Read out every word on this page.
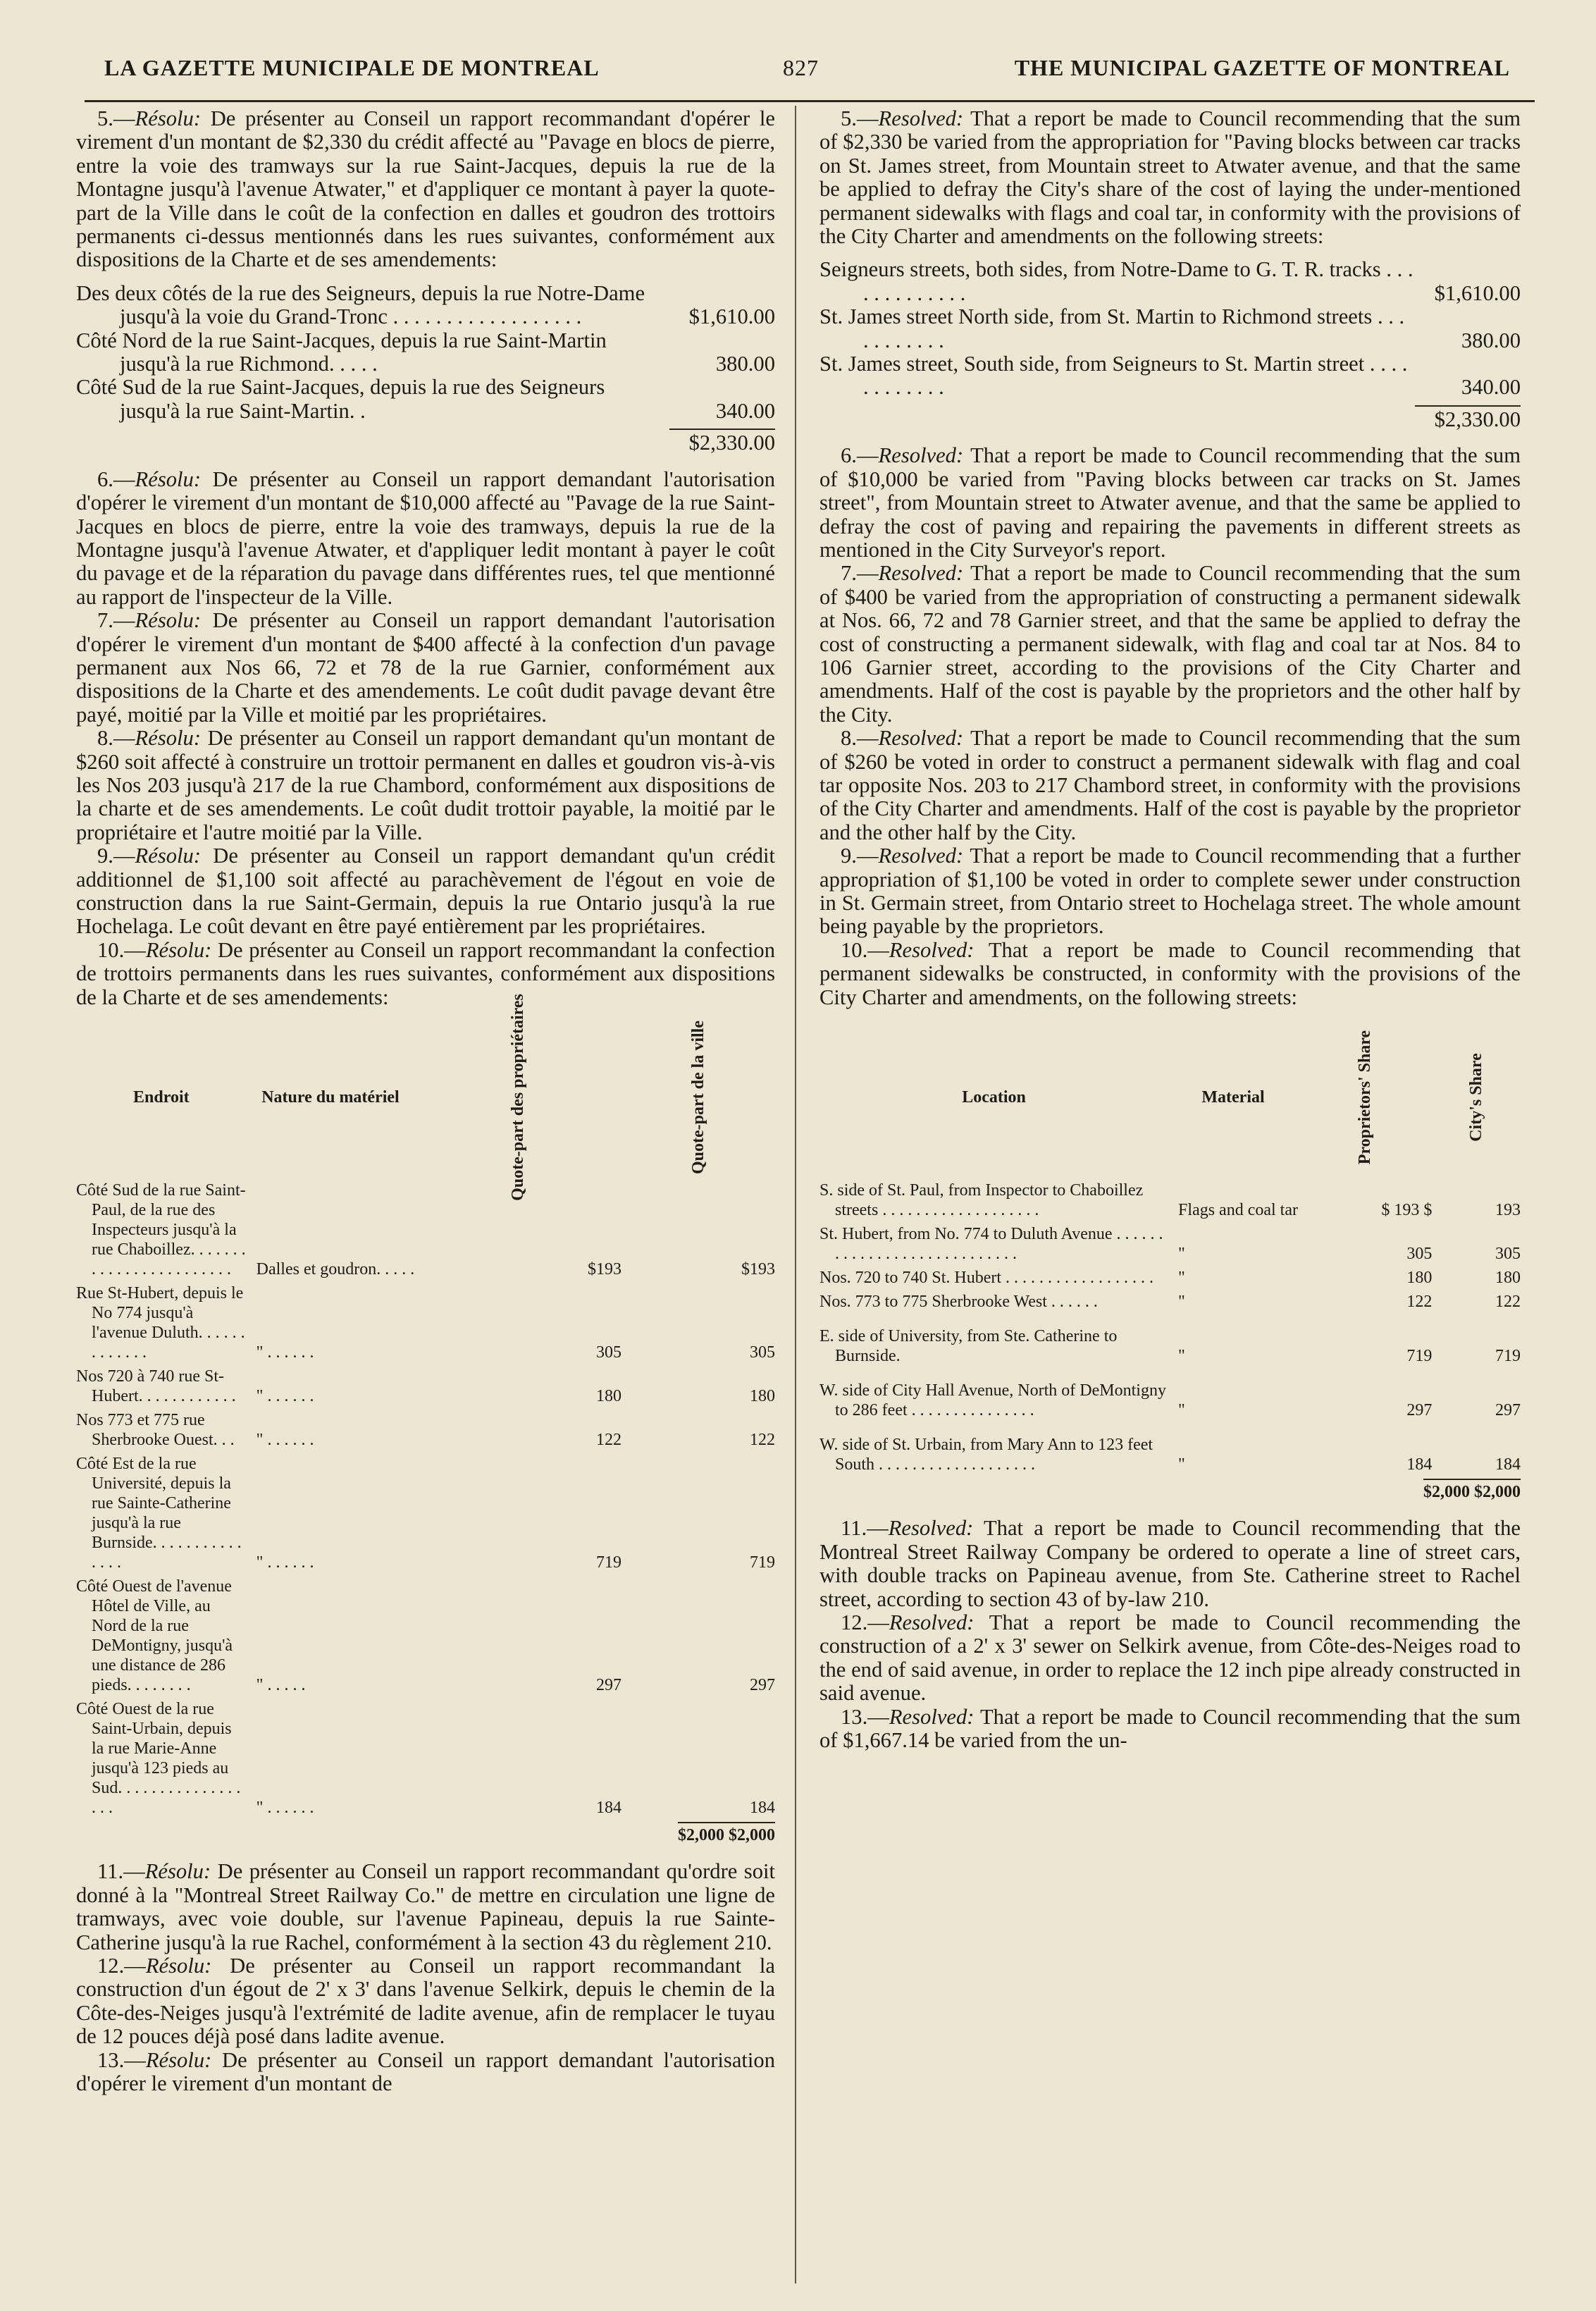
LA GAZETTE MUNICIPALE DE MONTREAL	827	THE MUNICIPAL GAZETTE OF MONTREAL

5.—Résolu: De présenter au Conseil un rapport recommandant d'opérer le virement d'un montant de $2,330 du crédit affecté au "Pavage en blocs de pierre, entre la voie des tramways sur la rue Saint-Jacques, depuis la rue de la Montagne jusqu'à l'avenue Atwater," et d'appliquer ce montant à payer la quote-part de la Ville dans le coût de la confection en dalles et goudron des trottoirs permanents ci-dessus mentionnés dans les rues suivantes, conformément aux dispositions de la Charte et de ses amendements:

Des deux côtés de la rue des Seigneurs, depuis la rue Notre-Dame jusqu'à la voie du Grand-Tronc . . . . . . . . . . . . . . . . . .	$1,610.00
Côté Nord de la rue Saint-Jacques, depuis la rue Saint-Martin jusqu'à la rue Richmond. . . . .	380.00
Côté Sud de la rue Saint-Jacques, depuis la rue des Seigneurs jusqu'à la rue Saint-Martin. .	340.00
$2,330.00

6.—Résolu: De présenter au Conseil un rapport demandant l'autorisation d'opérer le virement d'un montant de $10,000 affecté au "Pavage de la rue Saint-Jacques en blocs de pierre, entre la voie des tramways, depuis la rue de la Montagne jusqu'à l'avenue Atwater, et d'appliquer ledit montant à payer le coût du pavage et de la réparation du pavage dans différentes rues, tel que mentionné au rapport de l'inspecteur de la Ville.

7.—Résolu: De présenter au Conseil un rapport demandant l'autorisation d'opérer le virement d'un montant de $400 affecté à la confection d'un pavage permanent aux Nos 66, 72 et 78 de la rue Garnier, conformément aux dispositions de la Charte et des amendements. Le coût dudit pavage devant être payé, moitié par la Ville et moitié par les propriétaires.

8.—Résolu: De présenter au Conseil un rapport demandant qu'un montant de $260 soit affecté à construire un trottoir permanent en dalles et goudron vis-à-vis les Nos 203 jusqu'à 217 de la rue Chambord, conformément aux dispositions de la charte et de ses amendements. Le coût dudit trottoir payable, la moitié par le propriétaire et l'autre moitié par la Ville.

9.—Résolu: De présenter au Conseil un rapport demandant qu'un crédit additionnel de $1,100 soit affecté au parachèvement de l'égout en voie de construction dans la rue Saint-Germain, depuis la rue Ontario jusqu'à la rue Hochelaga. Le coût devant en être payé entièrement par les propriétaires.

10.—Résolu: De présenter au Conseil un rapport recommandant la confection de trottoirs permanents dans les rues suivantes, conformément aux dispositions de la Charte et de ses amendements:

Endroit	Nature du matériel	Quote-part des propriétaires	Quote-part de la ville
Côté Sud de la rue Saint-Paul, de la rue des Inspecteurs jusqu'à la rue Chaboillez. . . . . . . . . . . . . . . . . . . . . . . .	Dalles et goudron. . . . .	$193	$193
Rue St-Hubert, depuis le No 774 jusqu'à l'avenue Duluth. . . . . . . . . . . . .	" . . . . . .	305	305
Nos 720 à 740 rue St-Hubert. . . . . . . . . . . .	" . . . . . .	180	180
Nos 773 et 775 rue Sherbrooke Ouest. . .	" . . . . . .	122	122
Côté Est de la rue Université, depuis la rue Sainte-Catherine jusqu'à la rue Burnside. . . . . . . . . . . . . . .	" . . . . . .	719	719
Côté Ouest de l'avenue Hôtel de Ville, au Nord de la rue DeMontigny, jusqu'à une distance de 286 pieds. . . . . . . .	" . . . . .	297	297
Côté Ouest de la rue Saint-Urbain, depuis la rue Marie-Anne jusqu'à 123 pieds au Sud. . . . . . . . . . . . . . . . . .	" . . . . . .	184	184
$2,000 $2,000

11.—Résolu: De présenter au Conseil un rapport recommandant qu'ordre soit donné à la "Montreal Street Railway Co." de mettre en circulation une ligne de tramways, avec voie double, sur l'avenue Papineau, depuis la rue Sainte-Catherine jusqu'à la rue Rachel, conformément à la section 43 du règlement 210.

12.—Résolu: De présenter au Conseil un rapport recommandant la construction d'un égout de 2' x 3' dans l'avenue Selkirk, depuis le chemin de la Côte-des-Neiges jusqu'à l'extrémité de ladite avenue, afin de remplacer le tuyau de 12 pouces déjà posé dans ladite avenue.

13.—Résolu: De présenter au Conseil un rapport demandant l'autorisation d'opérer le virement d'un montant de

5.—Resolved: That a report be made to Council recommending that the sum of $2,330 be varied from the appropriation for "Paving blocks between car tracks on St. James street, from Mountain street to Atwater avenue, and that the same be applied to defray the City's share of the cost of laying the under-mentioned permanent sidewalks with flags and coal tar, in conformity with the provisions of the City Charter and amendments on the following streets:

Seigneurs streets, both sides, from Notre-Dame to G. T. R. tracks . . . . . . . . . . . . .	$1,610.00
St. James street North side, from St. Martin to Richmond streets . . . . . . . . . . .	380.00
St. James street, South side, from Seigneurs to St. Martin street . . . . . . . . . . . .	340.00
$2,330.00

6.—Resolved: That a report be made to Council recommending that the sum of $10,000 be varied from "Paving blocks between car tracks on St. James street", from Mountain street to Atwater avenue, and that the same be applied to defray the cost of paving and repairing the pavements in different streets as mentioned in the City Surveyor's report.

7.—Resolved: That a report be made to Council recommending that the sum of $400 be varied from the appropriation of constructing a permanent sidewalk at Nos. 66, 72 and 78 Garnier street, and that the same be applied to defray the cost of constructing a permanent sidewalk, with flag and coal tar at Nos. 84 to 106 Garnier street, according to the provisions of the City Charter and amendments. Half of the cost is payable by the proprietors and the other half by the City.

8.—Resolved: That a report be made to Council recommending that the sum of $260 be voted in order to construct a permanent sidewalk with flag and coal tar opposite Nos. 203 to 217 Chambord street, in conformity with the provisions of the City Charter and amendments. Half of the cost is payable by the proprietor and the other half by the City.

9.—Resolved: That a report be made to Council recommending that a further appropriation of $1,100 be voted in order to complete sewer under construction in St. Germain street, from Ontario street to Hochelaga street. The whole amount being payable by the proprietors.

10.—Resolved: That a report be made to Council recommending that permanent sidewalks be constructed, in conformity with the provisions of the City Charter and amendments, on the following streets:

Location	Material	Proprietors' Share	City's Share
S. side of St. Paul, from Inspector to Chaboillez streets . . . . . . . . . . . . . . . . . . .	Flags and coal tar	$ 193 $	193
St. Hubert, from No. 774 to Duluth Avenue . . . . . . . . . . . . . . . . . . . . . . . . . . . .	"	305	305
Nos. 720 to 740 St. Hubert . . . . . . . . . . . . . . . . . .	"	180	180
Nos. 773 to 775 Sherbrooke West . . . . . .	"	122	122
E. side of University, from Ste. Catherine to Burnside.	"	719	719
W. side of City Hall Avenue, North of DeMontigny to 286 feet . . . . . . . . . . . . . . .	"	297	297
W. side of St. Urbain, from Mary Ann to 123 feet South . . . . . . . . . . . . . . . . . . .	"	184	184
$2,000 $2,000

11.—Resolved: That a report be made to Council recommending that the Montreal Street Railway Company be ordered to operate a line of street cars, with double tracks on Papineau avenue, from Ste. Catherine street to Rachel street, according to section 43 of by-law 210.

12.—Resolved: That a report be made to Council recommending the construction of a 2' x 3' sewer on Selkirk avenue, from Côte-des-Neiges road to the end of said avenue, in order to replace the 12 inch pipe already constructed in said avenue.

13.—Resolved: That a report be made to Council recommending that the sum of $1,667.14 be varied from the un-
